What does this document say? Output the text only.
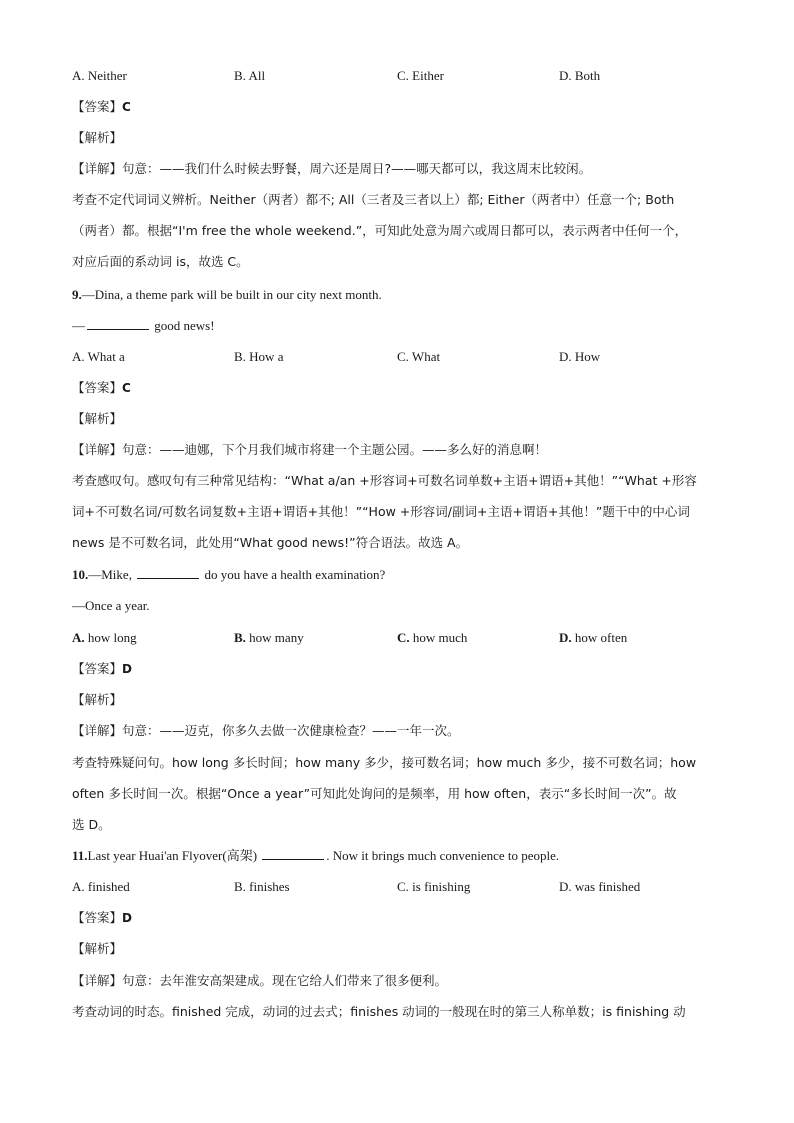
A. Neither	B. All	C. Either	D. Both
【答案】C
【解析】
【详解】句意：——我们什么时候去野餐，周六还是周日?——哪天都可以，我这周末比较闲。
考查不定代词词义辨析。Neither（两者）都不; All（三者及三者以上）都; Either（两者中）任意一个; Both
（两者）都。根据“I'm free the whole weekend.”，可知此处意为周六或周日都可以，表示两者中任何一个，
对应后面的系动词 is，故选 C。
9.—Dina, a theme park will be built in our city next month.
—	good news!
A. What a	B. How a	C. What	D. How
【答案】C
【解析】
【详解】句意：——迪娜，下个月我们城市将建一个主题公园。——多么好的消息啊！
考查感叹句。感叹句有三种常见结构：“What a/an +形容词+可数名词单数+主语+谓语+其他！”“What +形容
词+不可数名词/可数名词复数+主语+谓语+其他！”“How +形容词/副词+主语+谓语+其他！”题干中的中心词
news 是不可数名词，此处用“What good news!”符合语法。故选 A。
10.—Mike,	do you have a health examination?
—Once a year.
A. how long	B. how many	C. how much	D. how often
【答案】D
【解析】
【详解】句意：——迈克，你多久去做一次健康检查？——一年一次。
考查特殊疑问句。how long 多长时间；how many 多少，接可数名词；how much 多少，接不可数名词；how
often 多长时间一次。根据“Once a year”可知此处询问的是频率，用 how often，表示“多长时间一次”。故
选 D。
11.Last year Huai'an Flyover(高架)	. Now it brings much convenience to people.
A. finished	B. finishes	C. is finishing	D. was finished
【答案】D
【解析】
【详解】句意：去年淮安高架建成。现在它给人们带来了很多便利。
考查动词的时态。finished 完成，动词的过去式；finishes 动词的一般现在时的第三人称单数；is finishing 动
